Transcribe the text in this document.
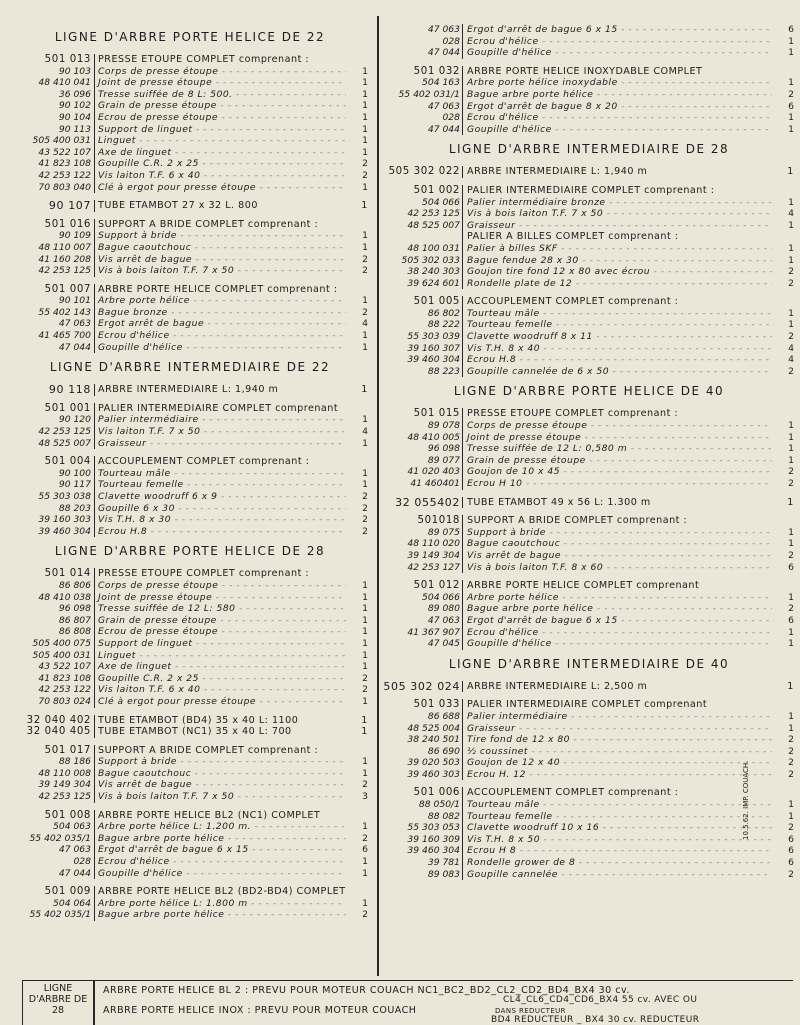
LIGNE D'ARBRE PORTE HELICE DE 22
501 013 PRESSE ETOUPE COMPLET comprenant :
90 103 Corps de presse étoupe - - -	1
48 410 041 Joint de presse étoupe - - -	1
36 096 Tresse suiffée de 8 L: 500. - - -	1
90 102 Grain de presse étoupe - - -	1
90 104 Ecrou de presse étoupe - - -	1
90 113 Support de linguet - - -	1
505 400 031 Linguet - - -	1
43 522 107 Axe de linguet - - -	1
41 823 108 Goupille C.R. 2 x 25 - - -	2
42 253 122 Vis laiton T.F. 6 x 40 - - -	2
70 803 040 Clé à ergot pour presse étoupe - - -	1
90 107 TUBE ETAMBOT 27 x 32 L. 800	1
501 016 SUPPORT A BRIDE COMPLET comprenant :
90 109 Support à bride - - -	1
48 110 007 Bague caoutchouc - - -	1
41 160 208 Vis arrêt de bague - - -	2
42 253 125 Vis à bois laiton T.F. 7 x 50 - - -	2
501 007 ARBRE PORTE HELICE COMPLET comprenant :
90 101 Arbre porte hélice - - -	1
55 402 143 Bague bronze - - -	2
47 063 Ergot arrêt de bague - - -	4
41 465 700 Ecrou d'hélice - - -	1
47 044 Goupille d'hélice - - -	1
LIGNE D'ARBRE INTERMEDIAIRE DE 22
90 118 ARBRE INTERMEDIAIRE L: 1,940 m	1
501 001 PALIER INTERMEDIAIRE COMPLET comprenant
90 120 Palier intermédiaire - - -	1
42 253 125 Vis laiton T.F. 7 x 50 - - -	4
48 525 007 Graisseur - - -	1
501 004 ACCOUPLEMENT COMPLET comprenant :
90 100 Tourteau mâle - - -	1
90 117 Tourteau femelle - - -	1
55 303 038 Clavette woodruff 6 x 9 - - -	2
88 203 Goupille 6 x 30 - - -	2
39 160 303 Vis T.H. 8 x 30 - - -	2
39 460 304 Ecrou H.8 - - -	2
LIGNE D'ARBRE PORTE HELICE DE 28
501 014 PRESSE ETOUPE COMPLET comprenant :
86 806 Corps de presse étoupe - - -	1
48 410 038 Joint de presse étoupe - - -	1
96 098 Tresse suiffée de 12 L: 580 - - -	1
86 807 Grain de presse étoupe - - -	1
86 808 Ecrou de presse étoupe - - -	1
505 400 075 Support de linguet - - -	1
505 400 031 Linguet - - -	1
43 522 107 Axe de linguet - - -	1
41 823 108 Goupille C.R. 2 x 25 - - -	2
42 253 122 Vis laiton T.F. 6 x 40 - - -	2
70 803 024 Clé à ergot pour presse étoupe - - -	1
32 040 402 TUBE ETAMBOT (BD4) 35 x 40 L: 1100	1
32 040 405 TUBE ETAMBOT (NC1) 35 x 40 L: 700	1
501 017 SUPPORT A BRIDE COMPLET comprenant :
88 186 Support à bride - - -	1
48 110 008 Bague caoutchouc - - -	1
39 149 304 Vis arrêt de bague - - -	2
42 253 125 Vis à bois laiton T.F. 7 x 50 - - -	3
501 008 ARBRE PORTE HELICE BL2 (NC1) COMPLET
504 063 Arbre porte hélice L: 1.200 m. - - -	1
55 402 035/1 Bague arbre porte hélice - - -	2
47 063 Ergot d'arrêt de bague 6 x 15 - - -	6
028 Ecrou d'hélice - - -	1
47 044 Goupille d'hélice - - -	1
501 009 ARBRE PORTE HELICE BL2 (BD2-BD4) COMPLET
504 064 Arbre porte hélice L: 1.800 m - - -	1
55 402 035/1 Bague arbre porte hélice - - -	2
47 063 Ergot d'arrêt de bague 6 x 15 - - -	6
028 Ecrou d'hélice - - -	1
47 044 Goupille d'hélice - - -	1
501 032 ARBRE PORTE HELICE INOXYDABLE COMPLET
504 163 Arbre porte hélice inoxydable - - -	1
55 402 031/1 Bague arbre porte hélice - - -	2
47 063 Ergot d'arrêt de bague 8 x 20 - - -	6
028 Ecrou d'hélice - - -	1
47 044 Goupille d'hélice - - -	1
LIGNE D'ARBRE INTERMEDIAIRE DE 28
505 302 022 ARBRE INTERMEDIAIRE L: 1,940 m	1
501 002 PALIER INTERMEDIAIRE COMPLET comprenant :
504 066 Palier intermédiaire bronze - - -	1
42 253 125 Vis à bois laiton T.F. 7 x 50 - - -	4
48 525 007 Graisseur - - -	1
PALIER A BILLES COMPLET comprenant :
48 100 031 Palier à billes SKF - - -	1
505 302 033 Bague fendue 28 x 30 - - -	1
38 240 303 Goujon tire fond 12 x 80 avec écrou - - -	2
39 624 601 Rondelle plate de 12 - - -	2
501 005 ACCOUPLEMENT COMPLET comprenant :
86 802 Tourteau mâle - - -	1
88 222 Tourteau femelle - - -	1
55 303 039 Clavette woodruff 8 x 11 - - -	2
39 160 307 Vis T.H. 8 x 40 - - -	4
39 460 304 Ecrou H.8 - - -	4
88 223 Goupille cannelée de 6 x 50 - - -	2
LIGNE D'ARBRE PORTE HELICE DE 40
501 015 PRESSE ETOUPE COMPLET comprenant :
89 078 Corps de presse étoupe - - -	1
48 410 005 Joint de presse étoupe - - -	1
96 098 Tresse suiffée de 12 L: 0,580 m - - -	1
89 077 Grain de presse étoupe - - -	1
41 020 403 Goujon de 10 x 45 - - -	2
41 460401 Ecrou H 10 - - -	2
32 055402 TUBE ETAMBOT 49 x 56 L: 1.300 m	1
501018 SUPPORT A BRIDE COMPLET comprenant :
89 075 Support à bride - - -	1
48 110 020 Bague caoutchouc - - -	1
39 149 304 Vis arrêt de bague - - -	2
42 253 127 Vis à bois laiton T.F. 8 x 60 - - -	6
501 012 ARBRE PORTE HELICE COMPLET comprenant
504 066 Arbre porte hélice - - -	1
89 080 Bague arbre porte hélice - - -	2
47 063 Ergot d'arrêt de bague 6 x 15 - - -	6
41 367 907 Ecrou d'hélice - - -	1
47 045 Goupille d'hélice - - -	1
LIGNE D'ARBRE INTERMEDIAIRE DE 40
505 302 024 ARBRE INTERMEDIAIRE L: 2,500 m	1
501 033 PALIER INTERMEDIAIRE COMPLET comprenant
86 688 Palier intermédiaire - - -	1
48 525 004 Graisseur - - -	1
38 240 501 Tire fond de 12 x 80 - - -	2
86 690 ½ coussinet - - -	2
39 020 503 Goujon de 12 x 40 - - -	2
39 460 303 Ecrou H. 12 - - -	2
501 006 ACCOUPLEMENT COMPLET comprenant :
88 050/1 Tourteau mâle - - -	1
88 082 Tourteau femelle - - -	1
55 303 053 Clavette woodruff 10 x 16 - - -	2
39 160 309 Vis T.H. 8 x 50 - - -	6
39 460 304 Ecrou H 8 - - -	6
39 781 Rondelle grower de 8 - - -	6
89 083 Goupille cannelée - - -	2
LIGNE D'ARBRE DE 28
ARBRE PORTE HELICE BL 2 : PREVU POUR MOTEUR COUACH NC1_BC2_BD2_CL2_CD2_BD4_BX4 30 cv.
ARBRE PORTE HELICE INOX : PREVU POUR MOTEUR COUACH
CL4_CL6_CD4_CD6_BX4 55 cv. AVEC OU
DANS REDUCTEUR
BD4 REDUCTEUR _ BX4 30 cv. REDUCTEUR
10.5.62. IMP. COUACH.
